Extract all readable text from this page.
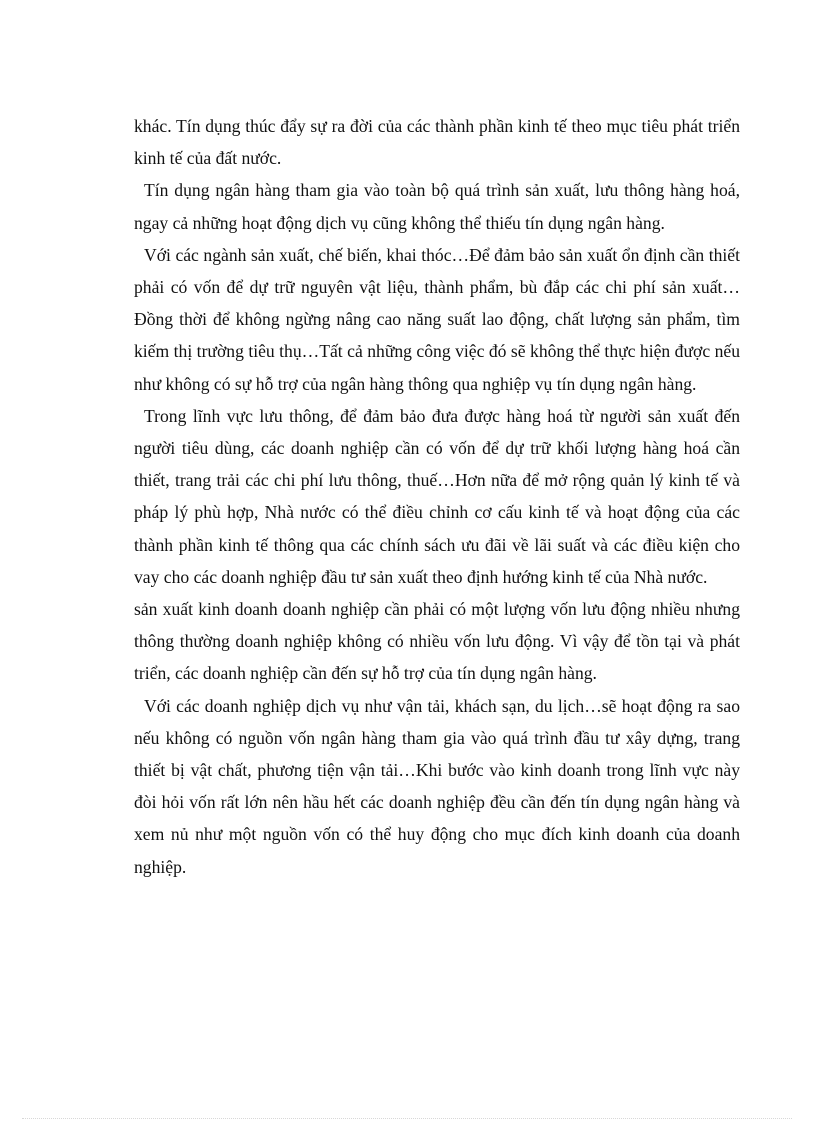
khác. Tín dụng thúc đẩy sự ra đời của các thành phần kinh tế theo mục tiêu phát triển kinh tế của đất nước.

Tín dụng ngân hàng tham gia vào toàn bộ quá trình sản xuất, lưu thông hàng hoá, ngay cả những hoạt động dịch vụ cũng không thể thiếu tín dụng ngân hàng.

Với các ngành sản xuất, chế biến, khai thóc…Để đảm bảo sản xuất ổn định cần thiết phải có vốn để dự trữ nguyên vật liệu, thành phẩm, bù đắp các chi phí sản xuất…Đồng thời để không ngừng nâng cao năng suất lao động, chất lượng sản phẩm, tìm kiếm thị trường tiêu thụ…Tất cả những công việc đó sẽ không thể thực hiện được nếu như không có sự hỗ trợ của ngân hàng thông qua nghiệp vụ tín dụng ngân hàng.

Trong lĩnh vực lưu thông, để đảm bảo đưa được hàng hoá từ người sản xuất đến người tiêu dùng, các doanh nghiệp cần có vốn để dự trữ khối lượng hàng hoá cần thiết, trang trải các chi phí lưu thông, thuế…Hơn nữa để mở rộng quản lý kinh tế và pháp lý phù hợp, Nhà nước có thể điều chỉnh cơ cấu kinh tế và hoạt động của các thành phần kinh tế thông qua các chính sách ưu đãi về lãi suất và các điều kiện cho vay cho các doanh nghiệp đầu tư sản xuất theo định hướng kinh tế của Nhà nước.

sản xuất kinh doanh doanh nghiệp cần phải có một lượng vốn lưu động nhiều nhưng thông thường doanh nghiệp không có nhiều vốn lưu động. Vì vậy để tồn tại và phát triển, các doanh nghiệp cần đến sự hỗ trợ của tín dụng ngân hàng.

Với các doanh nghiệp dịch vụ như vận tải, khách sạn, du lịch…sẽ hoạt động ra sao nếu không có nguồn vốn ngân hàng tham gia vào quá trình đầu tư xây dựng, trang thiết bị vật chất, phương tiện vận tải…Khi bước vào kinh doanh trong lĩnh vực này đòi hỏi vốn rất lớn nên hầu hết các doanh nghiệp đều cần đến tín dụng ngân hàng và xem nủ như một nguồn vốn có thể huy động cho mục đích kinh doanh của doanh nghiệp.
